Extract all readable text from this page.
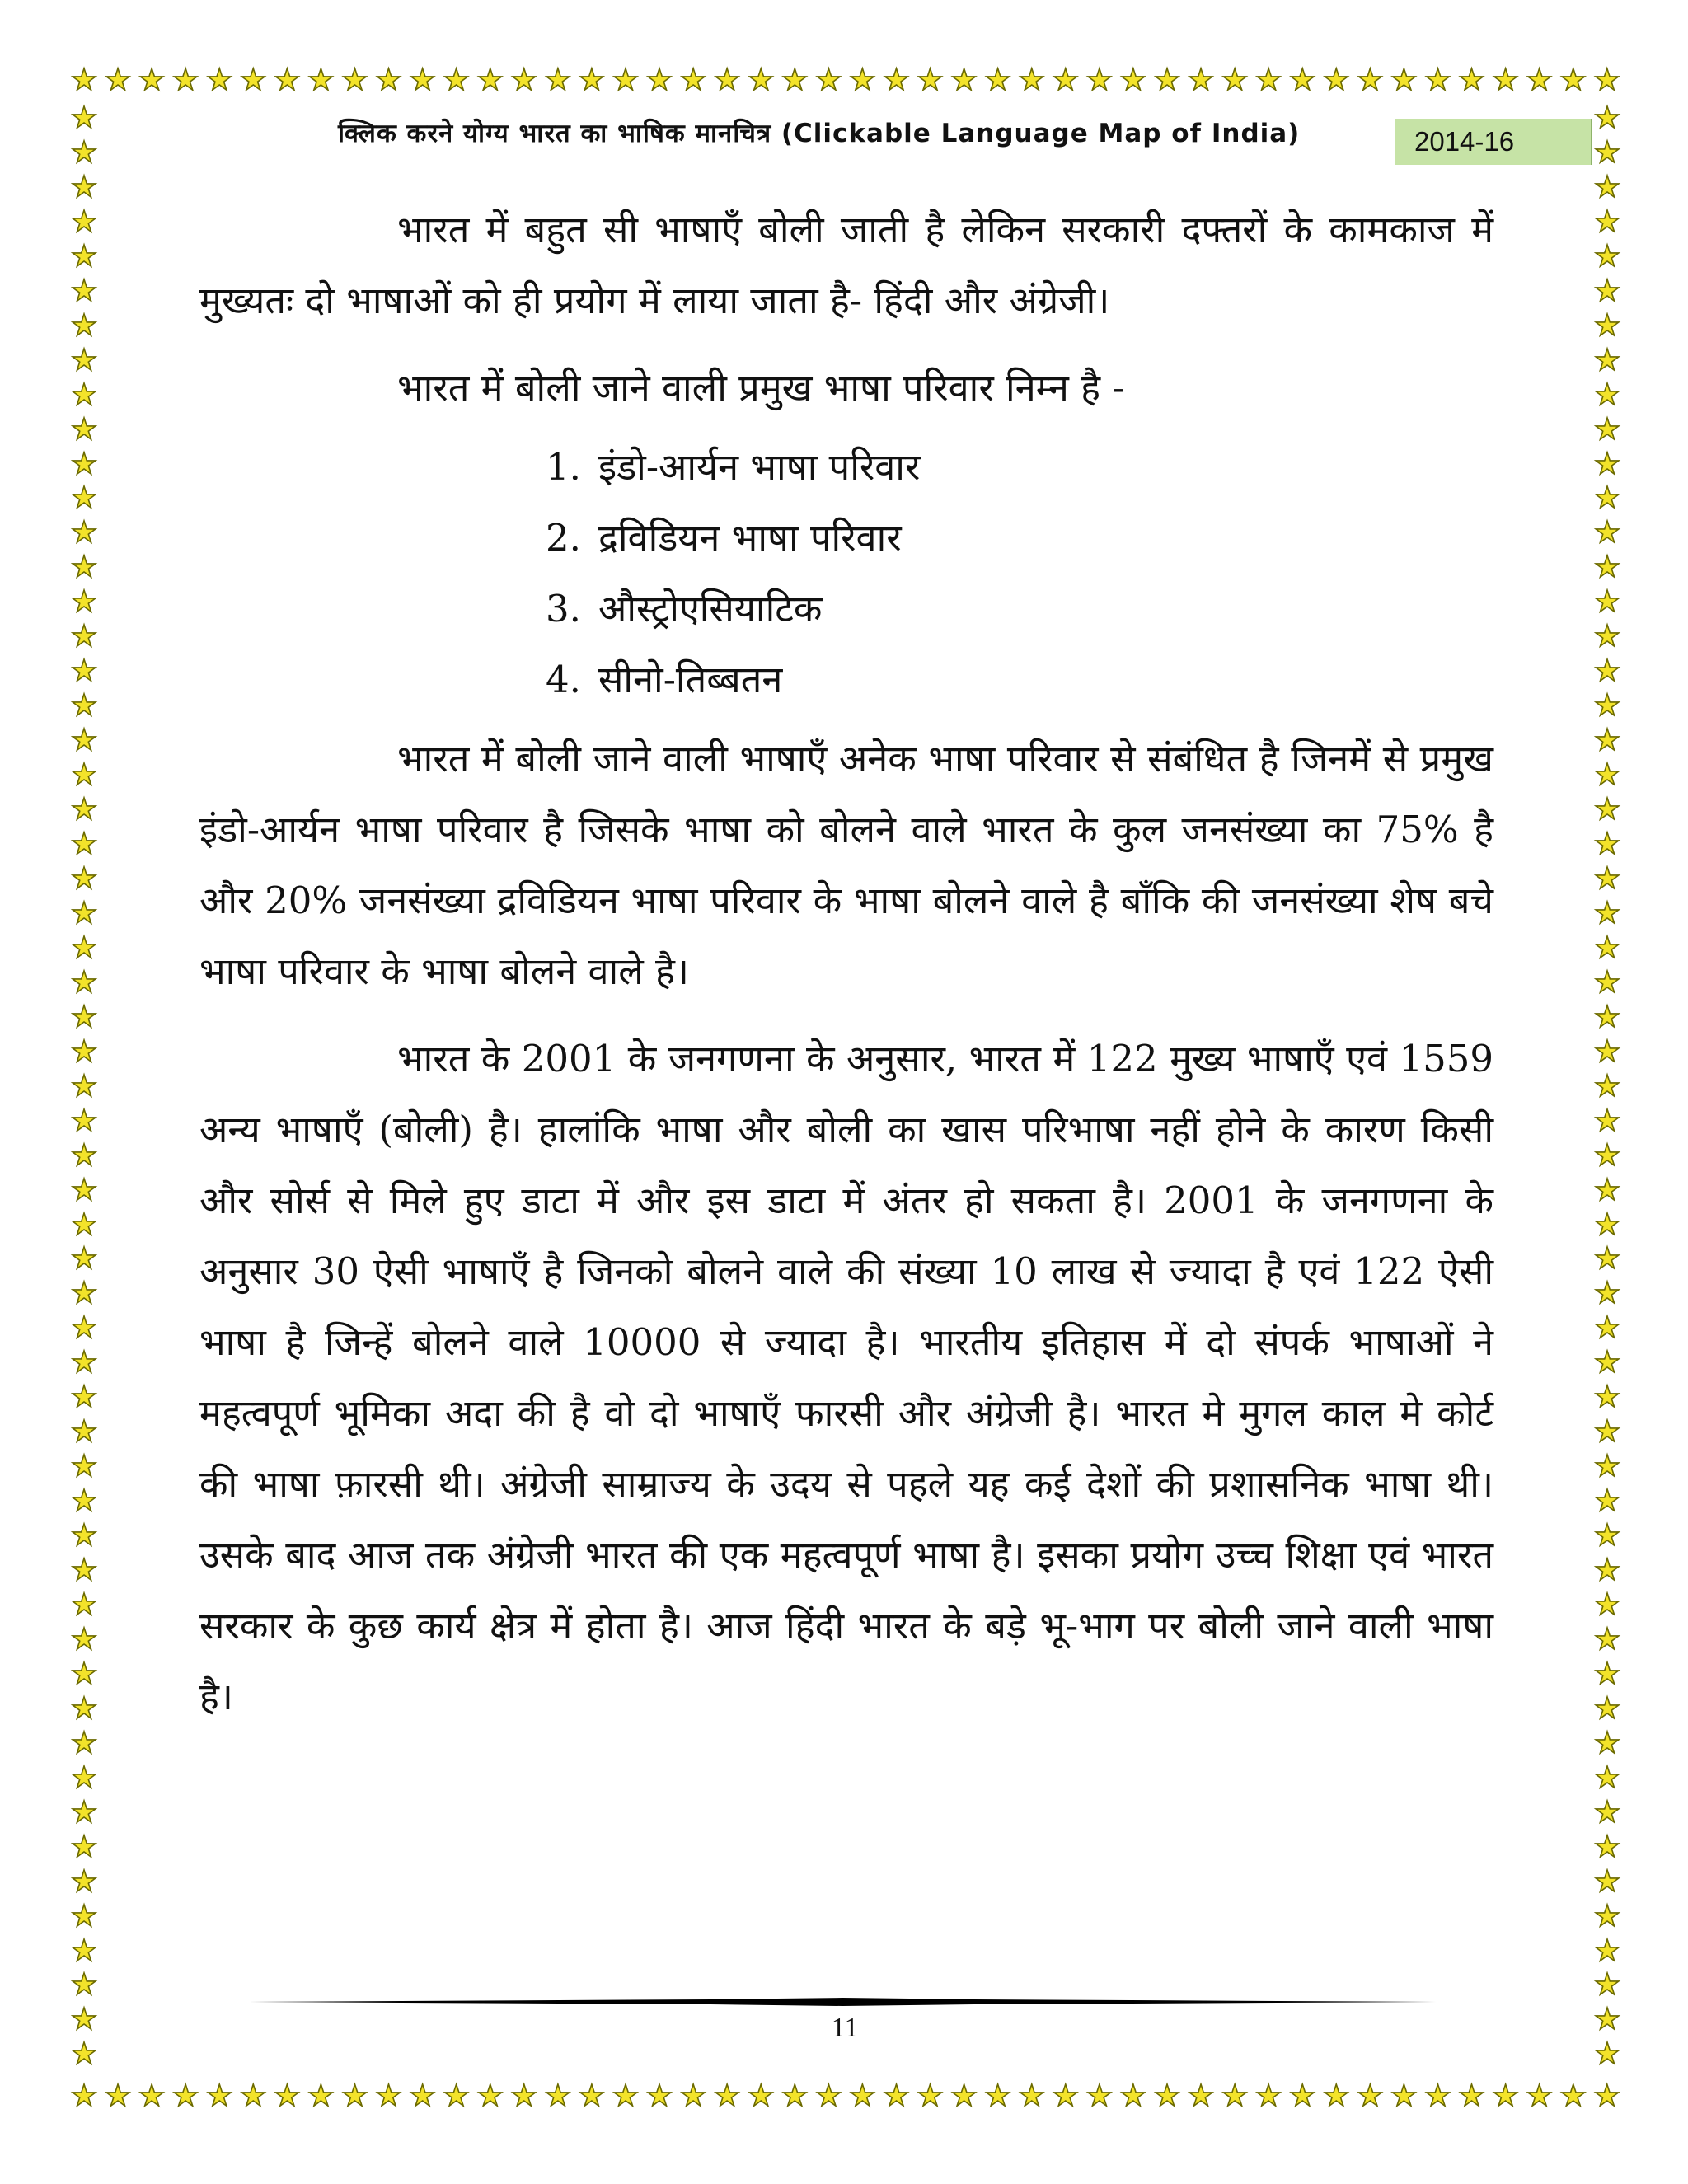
★ ★ ★ ★ ★ ★ ★ ★ ★ ★ ★ ★ ★ ★ ★ ★ ★ ★ ★ ★ ★ ★ ★ ★ ★ ★ ★ ★ ★ ★ ★ ★ ★ ★ ★ ★ ★ ★ ★ ★ ★ ★ ★ ★ ★ ★
★ ★ ★ ★ ★ ★ ★ ★ ★ ★ ★ ★ ★ ★ ★ ★ ★ ★ ★ ★ ★ ★ ★ ★ ★ ★ ★ ★ ★ ★ ★ ★ ★ ★ ★ ★ ★ ★ ★ ★ ★ ★ ★ ★ ★ ★
★
★
★
★
★
★
★
★
★
★
★
★
★
★
★
★
★
★
★
★
★
★
★
★
★
★
★
★
★
★
★
★
★
★
★
★
★
★
★
★
★
★
★
★
★
★
★
★
★
★
★
★
★
★
★
★
★
★
★
★
★
★
★
★
★
★
★
★
★
★
★
★
★
★
★
★
★
★
★
★
★
★
★
★
★
★
★
★
★
★
★
★
★
★
★
★
★
★
★
★
★
★
★
★
★
★
★
★
★
★
★
★
★
★
क्लिक करने योग्य भारत का भाषिक मानचित्र (Clickable Language Map of India)	2014-16

भारत में बहुत सी भाषाएँ बोली जाती है लेकिन सरकारी दफ्तरों के कामकाज में मुख्यतः दो भाषाओं को ही प्रयोग में लाया जाता है- हिंदी और अंग्रेजी।

भारत में बोली जाने वाली प्रमुख भाषा परिवार निम्न है -

1. इंडो-आर्यन भाषा परिवार
2. द्रविडियन भाषा परिवार
3. औस्ट्रोएसियाटिक
4. सीनो-तिब्बतन

भारत में बोली जाने वाली भाषाएँ अनेक भाषा परिवार से संबंधित है जिनमें से प्रमुख इंडो-आर्यन भाषा परिवार है जिसके भाषा को बोलने वाले भारत के कुल जनसंख्या का 75% है और 20% जनसंख्या द्रविडियन भाषा परिवार के भाषा बोलने वाले है बाँकि की जनसंख्या शेष बचे भाषा परिवार के भाषा बोलने वाले है।

भारत के 2001 के जनगणना के अनुसार, भारत में 122 मुख्य भाषाएँ एवं 1559 अन्य भाषाएँ (बोली) है। हालांकि भाषा और बोली का खास परिभाषा नहीं होने के कारण किसी और सोर्स से मिले हुए डाटा में और इस डाटा में अंतर हो सकता है। 2001 के जनगणना के अनुसार 30 ऐसी भाषाएँ है जिनको बोलने वाले की संख्या 10 लाख से ज्यादा है एवं 122 ऐसी भाषा है जिन्हें बोलने वाले 10000 से ज्यादा है। भारतीय इतिहास में दो संपर्क भाषाओं ने महत्वपूर्ण भूमिका अदा की है वो दो भाषाएँ फारसी और अंग्रेजी है। भारत मे मुगल काल मे कोर्ट की भाषा फ़ारसी थी। अंग्रेजी साम्राज्य के उदय से पहले यह कई देशों की प्रशासनिक भाषा थी। उसके बाद आज तक अंग्रेजी भारत की एक महत्वपूर्ण भाषा है। इसका प्रयोग उच्च शिक्षा एवं भारत सरकार के कुछ कार्य क्षेत्र में होता है। आज हिंदी भारत के बड़े भू-भाग पर बोली जाने वाली भाषा है।

11
